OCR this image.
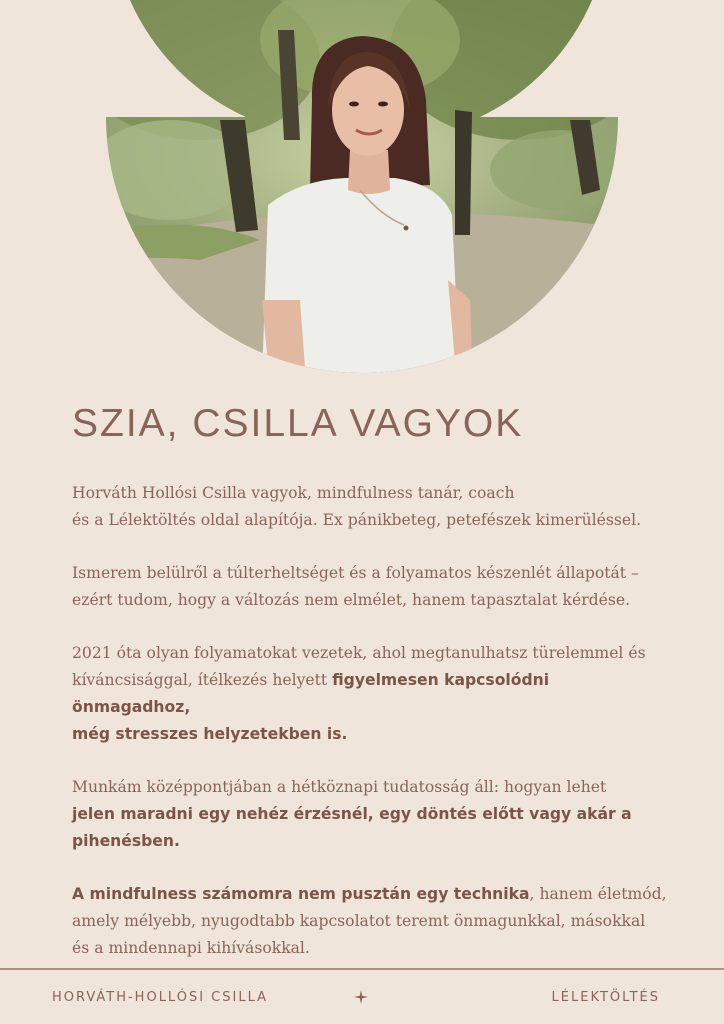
SZIA, CSILLA VAGYOK

Horváth Hollósi Csilla vagyok, mindfulness tanár, coach
és a Lélektöltés oldal alapítója. Ex pánikbeteg, petefészek kimerüléssel.

Ismerem belülről a túlterheltséget és a folyamatos készenlét állapotát –
ezért tudom, hogy a változás nem elmélet, hanem tapasztalat kérdése.

2021 óta olyan folyamatokat vezetek, ahol megtanulhatsz türelemmel és
kíváncsisággal, ítélkezés helyett figyelmesen kapcsolódni önmagadhoz,
még stresszes helyzetekben is.

Munkám középpontjában a hétköznapi tudatosság áll: hogyan lehet
jelen maradni egy nehéz érzésnél, egy döntés előtt vagy akár a
pihenésben.

A mindfulness számomra nem pusztán egy technika, hanem életmód,
amely mélyebb, nyugodtabb kapcsolatot teremt önmagunkkal, másokkal
és a mindennapi kihívásokkal.

HORVÁTH-HOLLÓSI CSILLA	LÉLEKTÖLTÉS
